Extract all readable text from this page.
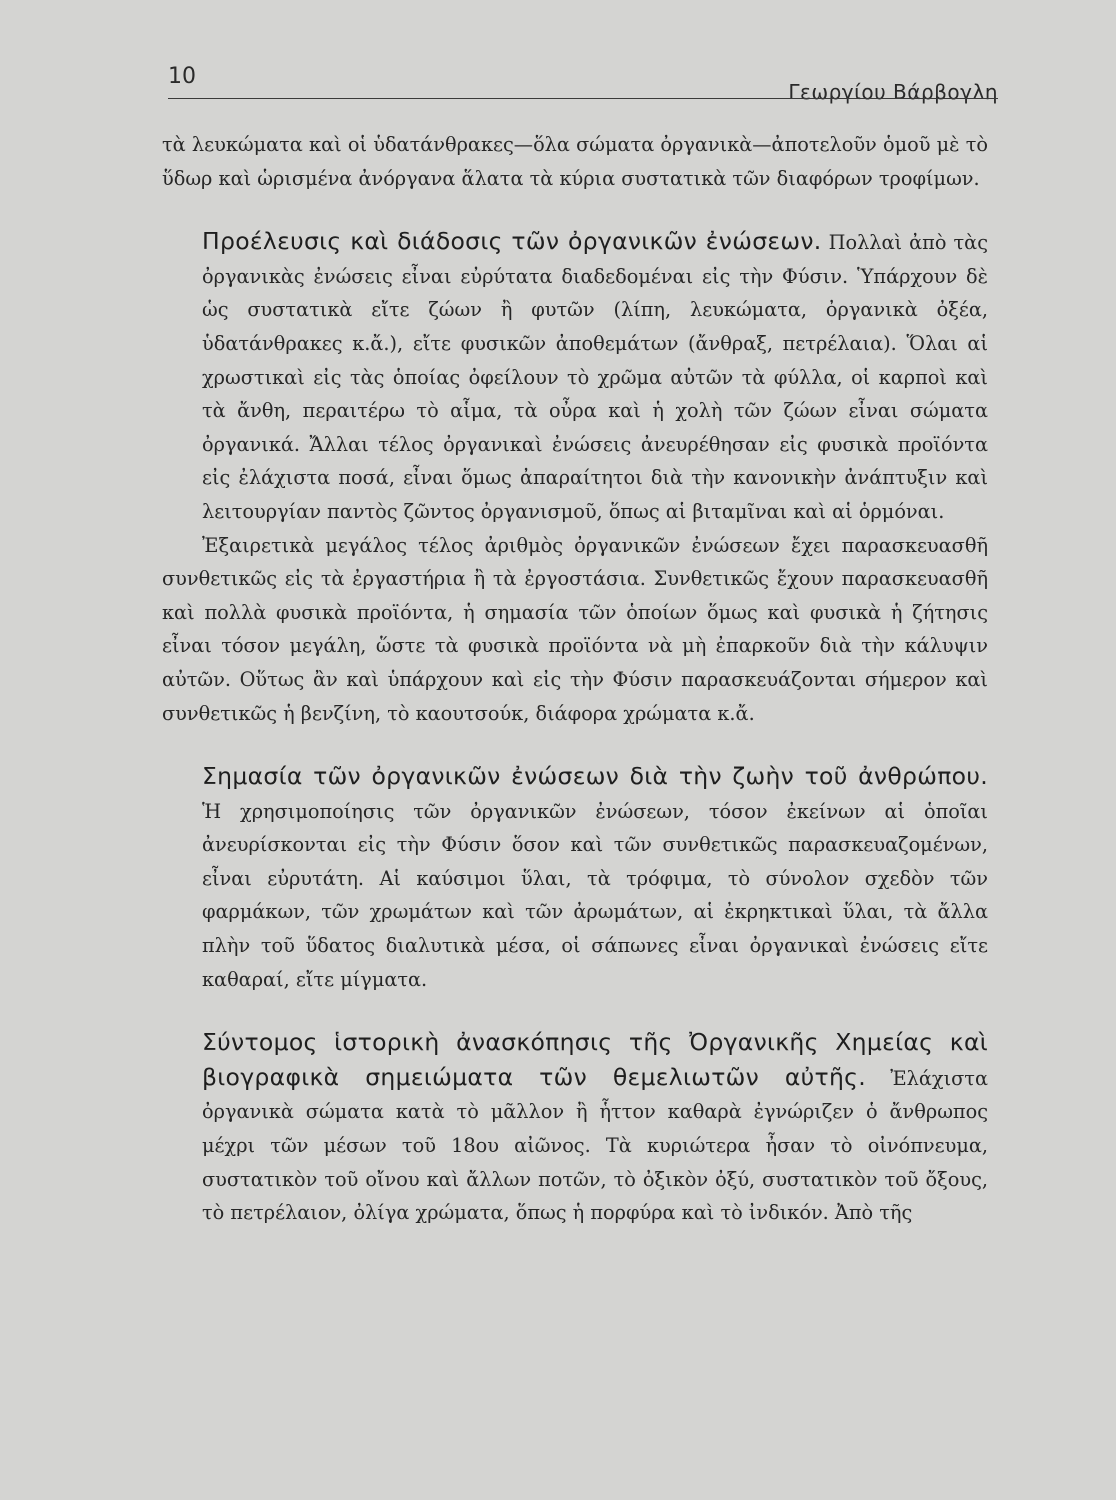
10
Γεωργίου Βάρβογλη

τὰ λευκώματα καὶ οἱ ὑδατάνθρακες—ὅλα σώματα ὀργανικὰ—ἀποτελοῦν ὁμοῦ μὲ τὸ ὕδωρ καὶ ὡρισμένα ἀνόργανα ἅλατα τὰ κύρια συστατικὰ τῶν διαφόρων τροφίμων.

Προέλευσις καὶ διάδοσις τῶν ὀργανικῶν ἐνώσεων. Πολλαὶ ἀπὸ τὰς ὀργανικὰς ἐνώσεις εἶναι εὐρύτατα διαδεδομέναι εἰς τὴν Φύσιν. Ὑπάρχουν δὲ ὡς συστατικὰ εἴτε ζώων ἢ φυτῶν (λίπη, λευκώματα, ὀργανικὰ ὀξέα, ὑδατάνθρακες κ.ἄ.), εἴτε φυσικῶν ἀποθεμάτων (ἄνθραξ, πετρέλαια). Ὅλαι αἱ χρωστικαὶ εἰς τὰς ὁποίας ὀφείλουν τὸ χρῶμα αὐτῶν τὰ φύλλα, οἱ καρποὶ καὶ τὰ ἄνθη, περαιτέρω τὸ αἷμα, τὰ οὖρα καὶ ἡ χολὴ τῶν ζώων εἶναι σώματα ὀργανικά. Ἄλλαι τέλος ὀργανικαὶ ἐνώσεις ἀνευρέθησαν εἰς φυσικὰ προϊόντα εἰς ἐλάχιστα ποσά, εἶναι ὅμως ἀπαραίτητοι διὰ τὴν κανονικὴν ἀνάπτυξιν καὶ λειτουργίαν παντὸς ζῶντος ὀργανισμοῦ, ὅπως αἱ βιταμῖναι καὶ αἱ ὁρμόναι.

Ἐξαιρετικὰ μεγάλος τέλος ἀριθμὸς ὀργανικῶν ἐνώσεων ἔχει παρασκευασθῆ συνθετικῶς εἰς τὰ ἐργαστήρια ἢ τὰ ἐργοστάσια. Συνθετικῶς ἔχουν παρασκευασθῆ καὶ πολλὰ φυσικὰ προϊόντα, ἡ σημασία τῶν ὁποίων ὅμως καὶ φυσικὰ ἡ ζήτησις εἶναι τόσον μεγάλη, ὥστε τὰ φυσικὰ προϊόντα νὰ μὴ ἐπαρκοῦν διὰ τὴν κάλυψιν αὐτῶν. Οὕτως ἂν καὶ ὑπάρχουν καὶ εἰς τὴν Φύσιν παρασκευάζονται σήμερον καὶ συνθετικῶς ἡ βενζίνη, τὸ καουτσούκ, διάφορα χρώματα κ.ἄ.

Σημασία τῶν ὀργανικῶν ἐνώσεων διὰ τὴν ζωὴν τοῦ ἀνθρώπου. Ἡ χρησιμοποίησις τῶν ὀργανικῶν ἐνώσεων, τόσον ἐκείνων αἱ ὁποῖαι ἀνευρίσκονται εἰς τὴν Φύσιν ὅσον καὶ τῶν συνθετικῶς παρασκευαζομένων, εἶναι εὐρυτάτη. Αἱ καύσιμοι ὕλαι, τὰ τρόφιμα, τὸ σύνολον σχεδὸν τῶν φαρμάκων, τῶν χρωμάτων καὶ τῶν ἀρωμάτων, αἱ ἐκρηκτικαὶ ὕλαι, τὰ ἄλλα πλὴν τοῦ ὕδατος διαλυτικὰ μέσα, οἱ σάπωνες εἶναι ὀργανικαὶ ἐνώσεις εἴτε καθαραί, εἴτε μίγματα.

Σύντομος ἱστορικὴ ἀνασκόπησις τῆς Ὀργανικῆς Χημείας καὶ βιογραφικὰ σημειώματα τῶν θεμελιωτῶν αὐτῆς. Ἐλάχιστα ὀργανικὰ σώματα κατὰ τὸ μᾶλλον ἢ ἧττον καθαρὰ ἐγνώριζεν ὁ ἄνθρωπος μέχρι τῶν μέσων τοῦ 18ου αἰῶνος. Τὰ κυριώτερα ἦσαν τὸ οἰνόπνευμα, συστατικὸν τοῦ οἴνου καὶ ἄλλων ποτῶν, τὸ ὀξικὸν ὀξύ, συστατικὸν τοῦ ὄξους, τὸ πετρέλαιον, ὀλίγα χρώματα, ὅπως ἡ πορφύρα καὶ τὸ ἰνδικόν. Ἀπὸ τῆς
